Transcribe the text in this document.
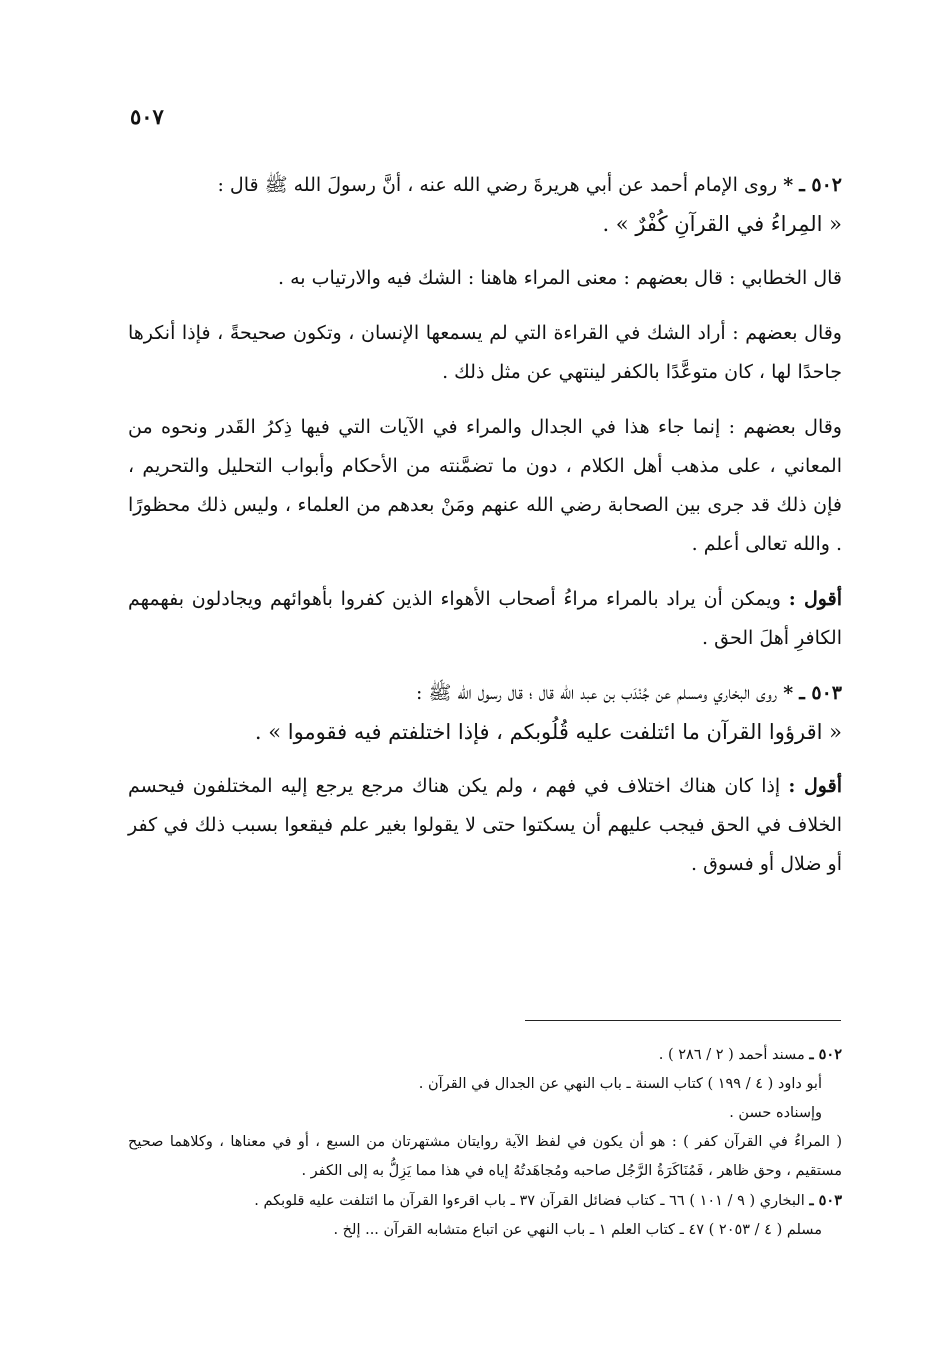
٥٠٧

٥٠٢ ـ * روى الإمام أحمد عن أبي هريرةَ رضي الله عنه ، أنَّ رسولَ الله ﷺ قال :
« المِراءُ في القرآنِ كُفْرٌ » .

قال الخطابي : قال بعضهم : معنى المراء هاهنا : الشك فيه والارتياب به .

وقال بعضهم : أراد الشك في القراءة التي لم يسمعها الإنسان ، وتكون صحيحةً ، فإذا أنكرها جاحدًا لها ، كان متوعَّدًا بالكفر لينتهي عن مثل ذلك .

وقال بعضهم : إنما جاء هذا في الجدال والمراء في الآيات التي فيها ذِكرُ القَدر ونحوه من المعاني ، على مذهب أهل الكلام ، دون ما تضمَّنته من الأحكام وأبواب التحليل والتحريم ، فإن ذلك قد جرى بين الصحابة رضي الله عنهم ومَنْ بعدهم من العلماء ، وليس ذلك محظورًا . والله تعالى أعلم .

أقول : ويمكن أن يراد بالمراء مراءُ أصحاب الأهواء الذين كفروا بأهوائهم ويجادلون بفهمهم الكافرِ أهلَ الحق .

٥٠٣ ـ * روى البخاري ومسلم عن جُنْدَب بن عبد الله قال ؛ قال رسول الله ﷺ :
« اقرؤوا القرآن ما ائتلفت عليه قُلُوبكم ، فإذا اختلفتم فيه فقوموا » .

أقول : إذا كان هناك اختلاف في فهم ، ولم يكن هناك مرجع يرجع إليه المختلفون فيحسم الخلاف في الحق فيجب عليهم أن يسكتوا حتى لا يقولوا بغير علم فيقعوا بسبب ذلك في كفر أو ضلال أو فسوق .

٥٠٢ ـ مسند أحمد ( ٢ / ٢٨٦ ) .

أبو داود ( ٤ / ١٩٩ ) كتاب السنة ـ باب النهي عن الجدال في القرآن .

وإسناده حسن .

( المراءُ في القرآن كفر ) : هو أن يكون في لفظ الآية روايتان مشتهرتان من السبع ، أو في معناها ، وكلاهما صحيح مستقيم ، وحق ظاهر ، فَمُنَاكَرَةُ الرَّجُل صاحبه ومُجاهَدتُهُ إياه في هذا مما يَزِلُّ به إلى الكفر .

٥٠٣ ـ البخاري ( ٩ / ١٠١ ) ٦٦ ـ كتاب فضائل القرآن ٣٧ ـ باب اقرءوا القرآن ما ائتلفت عليه قلوبكم .

مسلم ( ٤ / ٢٠٥٣ ) ٤٧ ـ كتاب العلم ١ ـ باب النهي عن اتباع متشابه القرآن ... إلخ .
